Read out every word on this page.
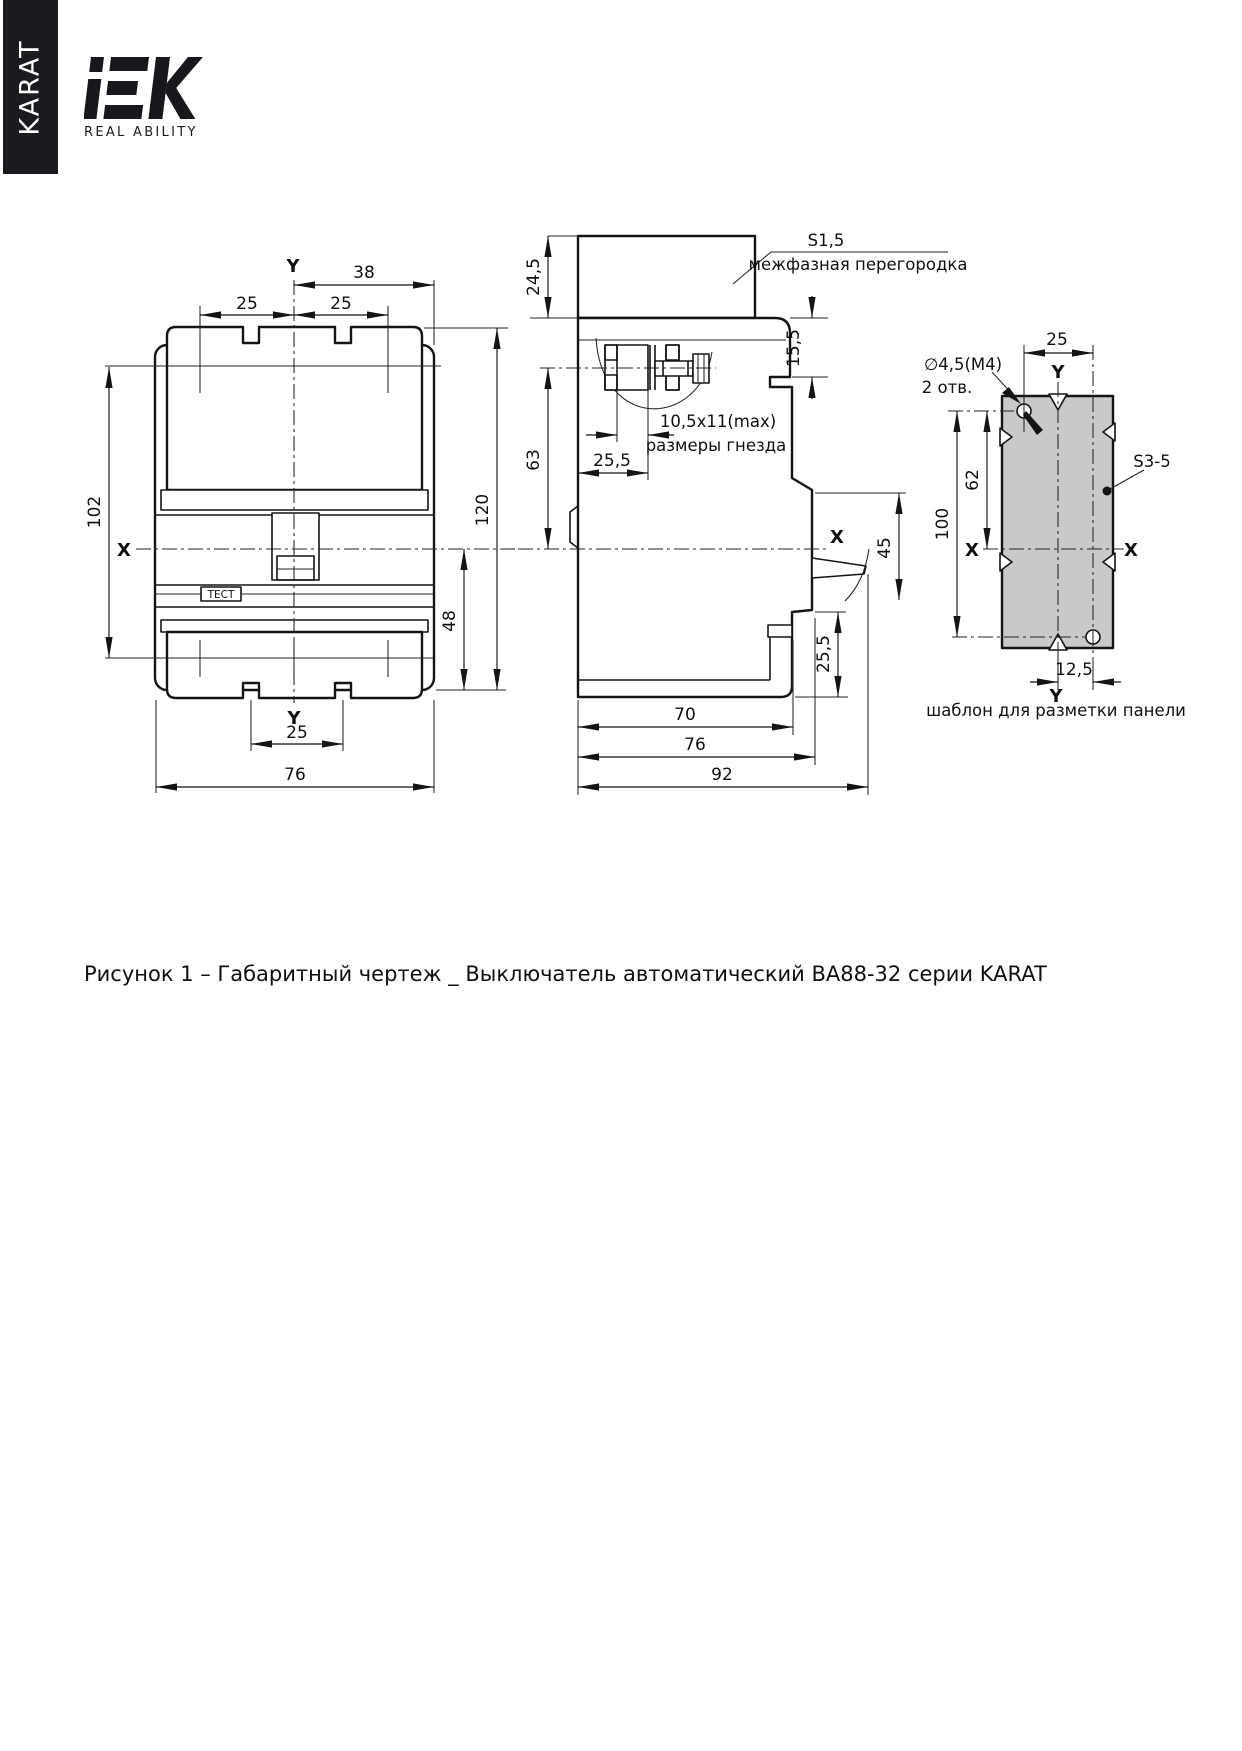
KARAT	REAL ABILITY
ТЕСТ
Y	38
25	25
102
X
48
120
Y
25
76
24,5
S1,5
межфазная перегородка
15,5
10,5x11(max)
размеры гнезда
25,5
63
X 45
25,5
70
76
92
25
Y
∅4,5(M4)
2 отв.
62
100
X	X
S3-5
12,5
Y
шаблон для разметки панели
Рисунок 1 – Габаритный чертеж _ Выключатель автоматический ВА88-32 серии KARAT
